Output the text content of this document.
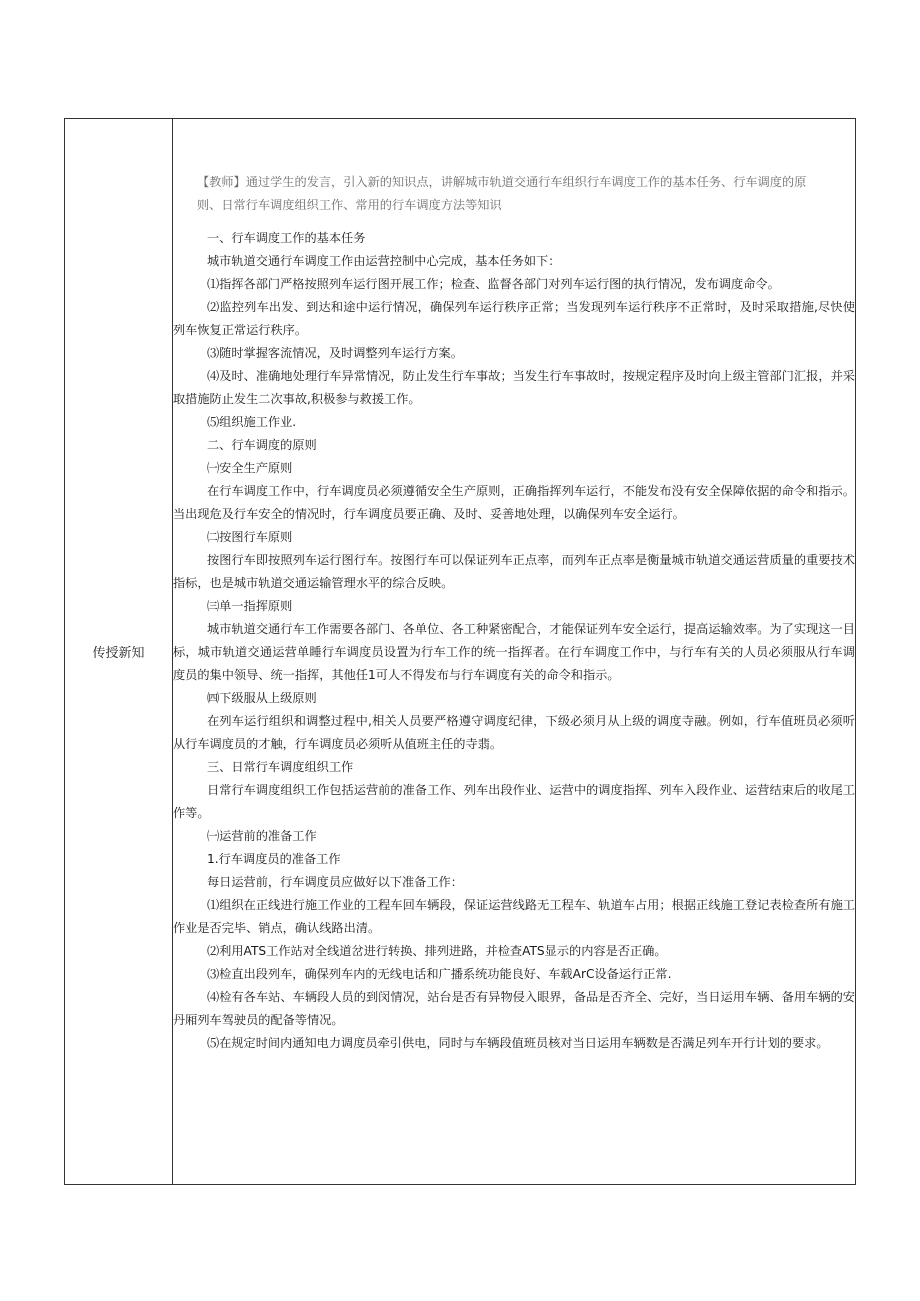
传授新知

【教师】通过学生的发言，引入新的知识点，讲解城市轨道交通行车组织行车调度工作的基本任务、行车调度的原
则、日常行车调度组织工作、常用的行车调度方法等知识

一、行车调度工作的基本任务

城市轨道交通行车调度工作由运营控制中心完成，基本任务如下：

⑴指挥各部门严格按照列车运行图开展工作；检查、监督各部门对列车运行图的执行情况，发布调度命令。

⑵监控列车出发、到达和途中运行情况，确保列车运行秩序正常；当发现列车运行秩序不正常时，及时采取措施,尽快使列车恢复正常运行秩序。

⑶随时掌握客流情况，及时调整列车运行方案。

⑷及时、准确地处理行车异常情况，防止发生行车事故；当发生行车事故时，按规定程序及时向上级主管部门汇报，并采取措施防止发生二次事故,积极参与救援工作。

⑸组织施工作业.

二、行车调度的原则

㈠安全生产原则

在行车调度工作中，行车调度员必须遵循安全生产原则，正确指挥列车运行，不能发布没有安全保障依据的命令和指示。当出现危及行车安全的情况时，行车调度员要正确、及时、妥善地处理，以确保列车安全运行。

㈡按图行车原则

按图行车即按照列车运行图行车。按图行车可以保证列车正点率，而列车正点率是衡量城市轨道交通运营质量的重要技术指标，也是城市轨道交通运输管理水平的综合反映。

㈢单一指挥原则

城市轨道交通行车工作需要各部门、各单位、各工种紧密配合，才能保证列车安全运行，提高运输效率。为了实现这一目标，城市轨道交通运营单睡行车调度员设置为行车工作的统一指挥者。在行车调度工作中，与行车有关的人员必须服从行车调度员的集中领导、统一指挥，其他任1可人不得发布与行车调度有关的命令和指示。

㈣下级服从上级原则

在列车运行组织和调整过程中,相关人员要严格遵守调度纪律，下级必须月从上级的调度寺融。例如，行车值班员必须听从行车调度员的才触，行车调度员必须听从值班主任的寺翡。

三、日常行车调度组织工作

日常行车调度组织工作包括运营前的准备工作、列车出段作业、运营中的调度指挥、列车入段作业、运营结束后的收尾工作等。

㈠运营前的准备工作

1.行车调度员的准备工作

每日运营前，行车调度员应做好以下准备工作：

⑴组织在正线进行施工作业的工程车回车辆段，保证运营线路无工程车、轨道车占用；根据正线施工登记表检查所有施工作业是否完毕、销点，确认线路出清。

⑵利用ATS工作站对全线道岔进行转换、排列进路，并检查ATS显示的内容是否正确。

⑶检直出段列车，确保列车内的无线电话和广播系统功能良好、车载ArC设备运行正常.

⑷检有各车站、车辆段人员的到闵情况，站台是否有异物侵入眼界，备品是否齐全、完好，当日运用车辆、备用车辆的安丹厢列车驾驶员的配备等情况。

⑸在规定时间内通知电力调度员牵引供电，同时与车辆段值班员核对当日运用车辆数是否满足列车开行计划的要求。
